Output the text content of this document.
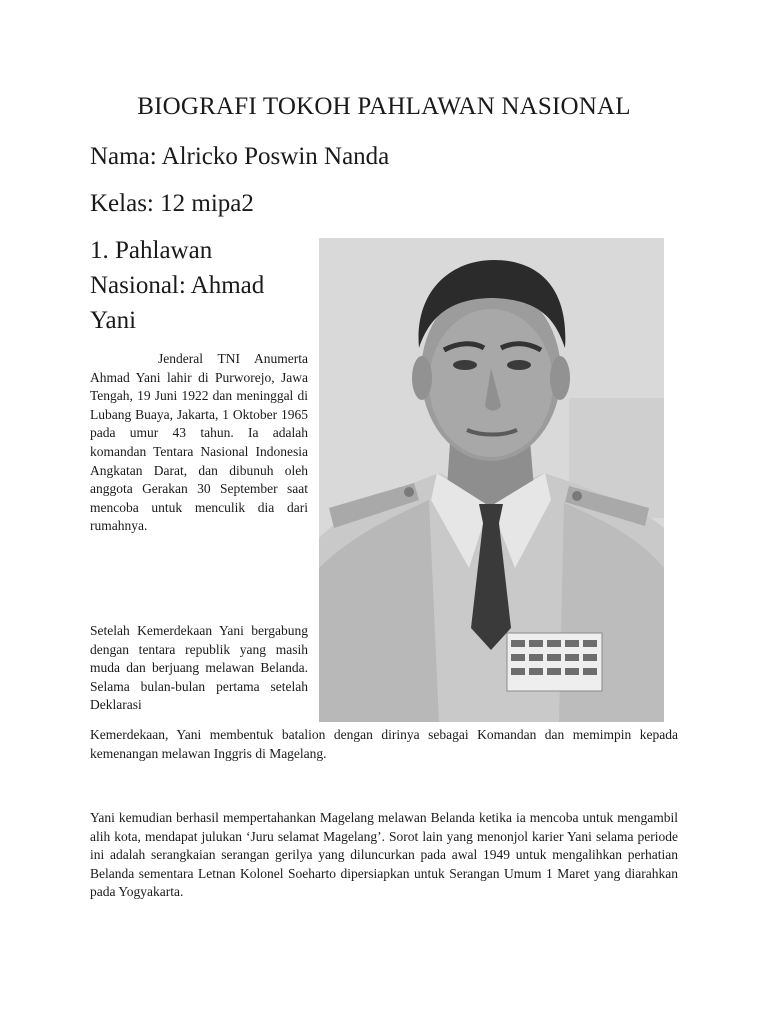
BIOGRAFI TOKOH PAHLAWAN NASIONAL
Nama: Alricko Poswin Nanda
Kelas: 12 mipa2
1. Pahlawan Nasional: Ahmad Yani
Jenderal TNI Anumerta Ahmad Yani lahir di Purworejo, Jawa Tengah, 19 Juni 1922 dan meninggal di Lubang Buaya, Jakarta, 1 Oktober 1965 pada umur 43 tahun. Ia adalah komandan Tentara Nasional Indonesia Angkatan Darat, dan dibunuh oleh anggota Gerakan 30 September saat mencoba untuk menculik dia dari rumahnya.
Setelah Kemerdekaan Yani bergabung dengan tentara republik yang masih muda dan berjuang melawan Belanda. Selama bulan-bulan pertama setelah Deklarasi
Kemerdekaan, Yani membentuk batalion dengan dirinya sebagai Komandan dan memimpin kepada kemenangan melawan Inggris di Magelang.
Yani kemudian berhasil mempertahankan Magelang melawan Belanda ketika ia mencoba untuk mengambil alih kota, mendapat julukan ‘Juru selamat Magelang’. Sorot lain yang menonjol karier Yani selama periode ini adalah serangkaian serangan gerilya yang diluncurkan pada awal 1949 untuk mengalihkan perhatian Belanda sementara Letnan Kolonel Soeharto dipersiapkan untuk Serangan Umum 1 Maret yang diarahkan pada Yogyakarta.
